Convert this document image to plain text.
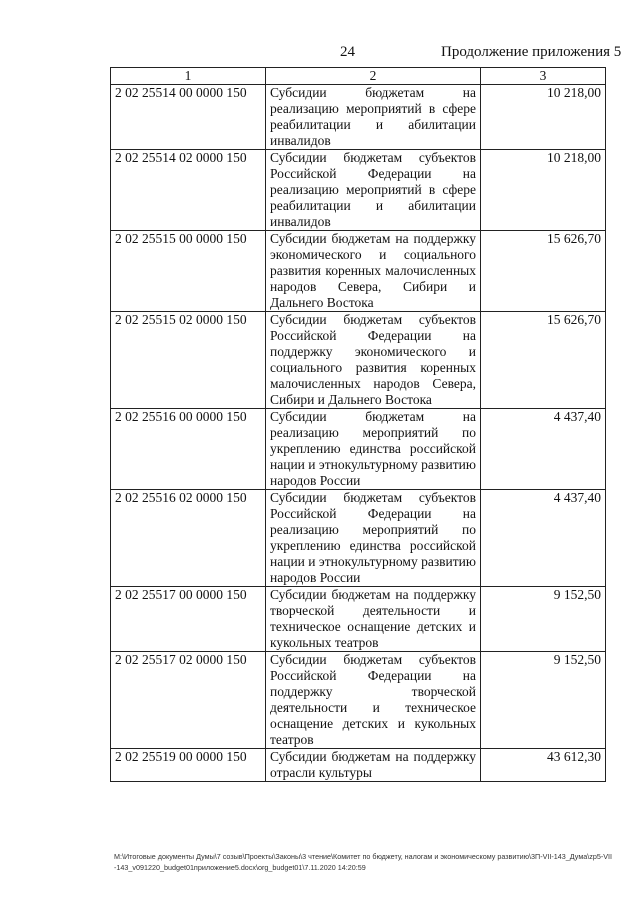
24	Продолжение приложения 5
1	2	3
2 02 25514 00 0000 150	Субсидии бюджетам на реализацию мероприятий в сфере реабилитации и абилитации инвалидов	10 218,00
2 02 25514 02 0000 150	Субсидии бюджетам субъектов Российской Федерации на реализацию мероприятий в сфере реабилитации и абилитации инвалидов	10 218,00
2 02 25515 00 0000 150	Субсидии бюджетам на поддержку экономического и социального развития коренных малочисленных народов Севера, Сибири и Дальнего Востока	15 626,70
2 02 25515 02 0000 150	Субсидии бюджетам субъектов Российской Федерации на поддержку экономического и социального развития коренных малочисленных народов Севера, Сибири и Дальнего Востока	15 626,70
2 02 25516 00 0000 150	Субсидии бюджетам на реализацию мероприятий по укреплению единства российской нации и этнокультурному развитию народов России	4 437,40
2 02 25516 02 0000 150	Субсидии бюджетам субъектов Российской Федерации на реализацию мероприятий по укреплению единства российской нации и этнокультурному развитию народов России	4 437,40
2 02 25517 00 0000 150	Субсидии бюджетам на поддержку творческой деятельности и техническое оснащение детских и кукольных театров	9 152,50
2 02 25517 02 0000 150	Субсидии бюджетам субъектов Российской Федерации на поддержку творческой деятельности и техническое оснащение детских и кукольных театров	9 152,50
2 02 25519 00 0000 150	Субсидии бюджетам на поддержку отрасли культуры	43 612,30
M:\Итоговые документы Думы\7 созыв\Проекты\Законы\3 чтение\Комитет по бюджету, налогам и экономическому развитию\3П-VII-143_Дума\zp5-VII-143_v091220_budget01приложение5.docx\org_budget01\7.11.2020 14:20:59
